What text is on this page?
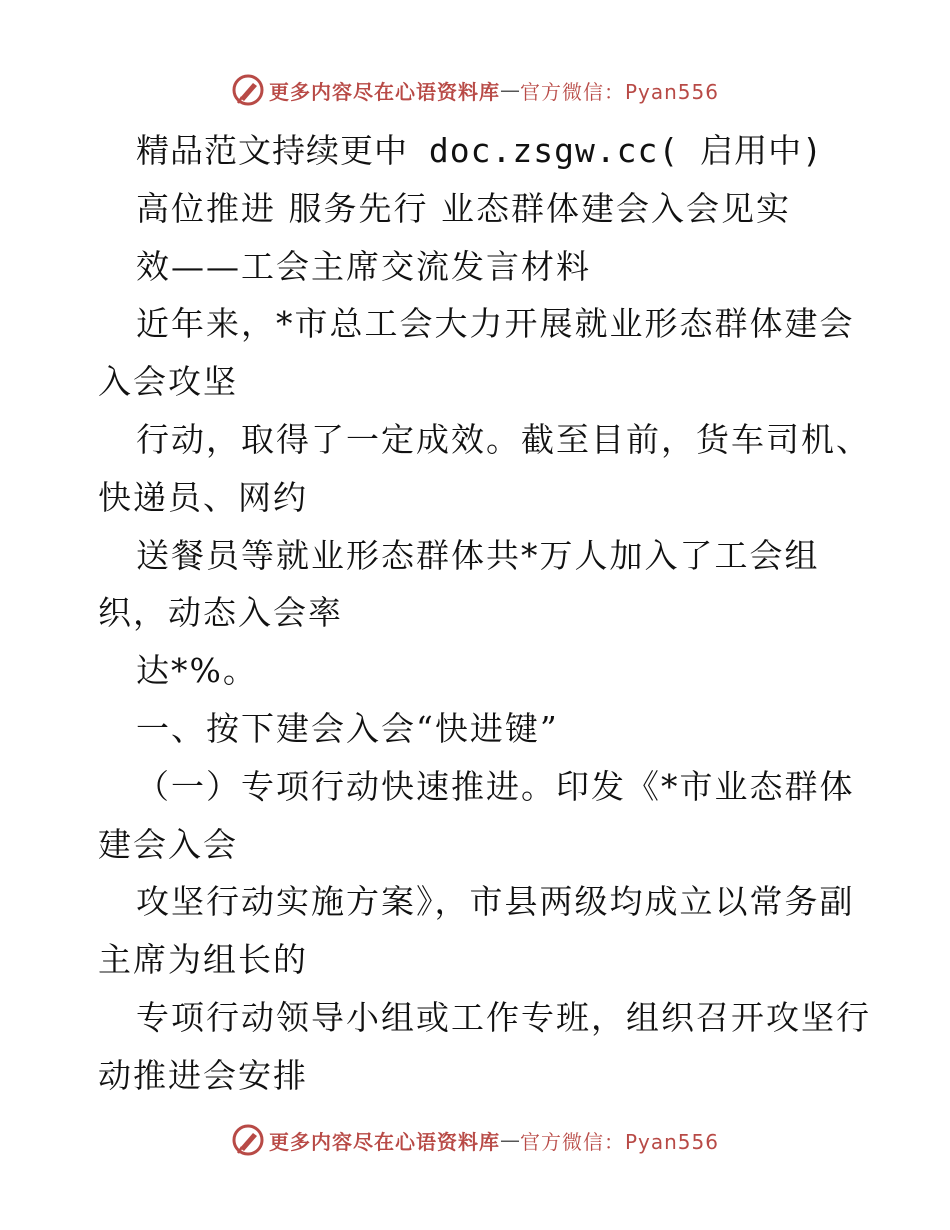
更多内容尽在心语资料库 — 官方微信：Pyan556
精品范文持续更中 doc.zsgw.cc( 启用中)
高位推进 服务先行 业态群体建会入会见实
效——工会主席交流发言材料
近年来，*市总工会大力开展就业形态群体建会
入会攻坚
行动，取得了一定成效。截至目前，货车司机、
快递员、网约
送餐员等就业形态群体共*万人加入了工会组
织，动态入会率
达*%。
一、按下建会入会“快进键”
（一）专项行动快速推进。印发《*市业态群体
建会入会
攻坚行动实施方案》，市县两级均成立以常务副
主席为组长的
专项行动领导小组或工作专班，组织召开攻坚行
动推进会安排
更多内容尽在心语资料库 — 官方微信：Pyan556
